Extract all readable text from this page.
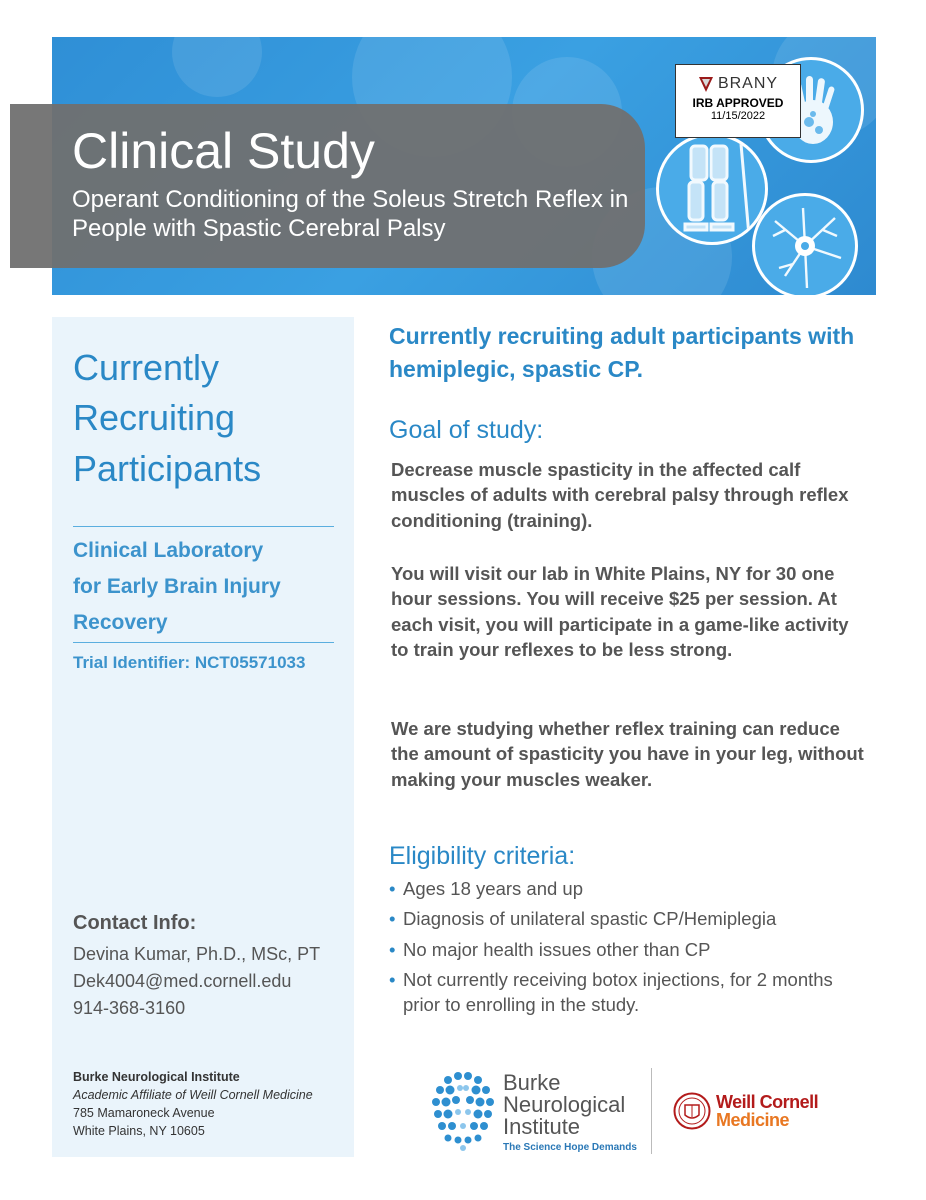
BRANY
IRB APPROVED
11/15/2022
Clinical Study

Operant Conditioning of the Soleus Stretch Reflex in People with Spastic Cerebral Palsy

Currently
Recruiting
Participants
Clinical Laboratory
for Early Brain Injury
Recovery
Trial Identifier: NCT05571033
Contact Info:
Devina Kumar, Ph.D., MSc, PT
Dek4004@med.cornell.edu
914-368-3160
Burke Neurological Institute
Academic Affiliate of Weill Cornell Medicine
785 Mamaroneck Avenue
White Plains, NY 10605
Currently recruiting adult participants with hemiplegic, spastic CP.
Goal of study:

Decrease muscle spasticity in the affected calf muscles of adults with cerebral palsy through reflex conditioning (training).

You will visit our lab in White Plains, NY for 30 one hour sessions. You will receive $25 per session. At each visit, you will participate in a game-like activity to train your reflexes to be less strong.

We are studying whether reflex training can reduce the amount of spasticity you have in your leg, without making your muscles weaker.

Eligibility criteria:
• Ages 18 years and up
• Diagnosis of unilateral spastic CP/Hemiplegia
• No major health issues other than CP
• Not currently receiving botox injections, for 2 months prior to enrolling in the study.
Burke
Neurological
Institute
The Science Hope Demands
Weill Cornell
Medicine
